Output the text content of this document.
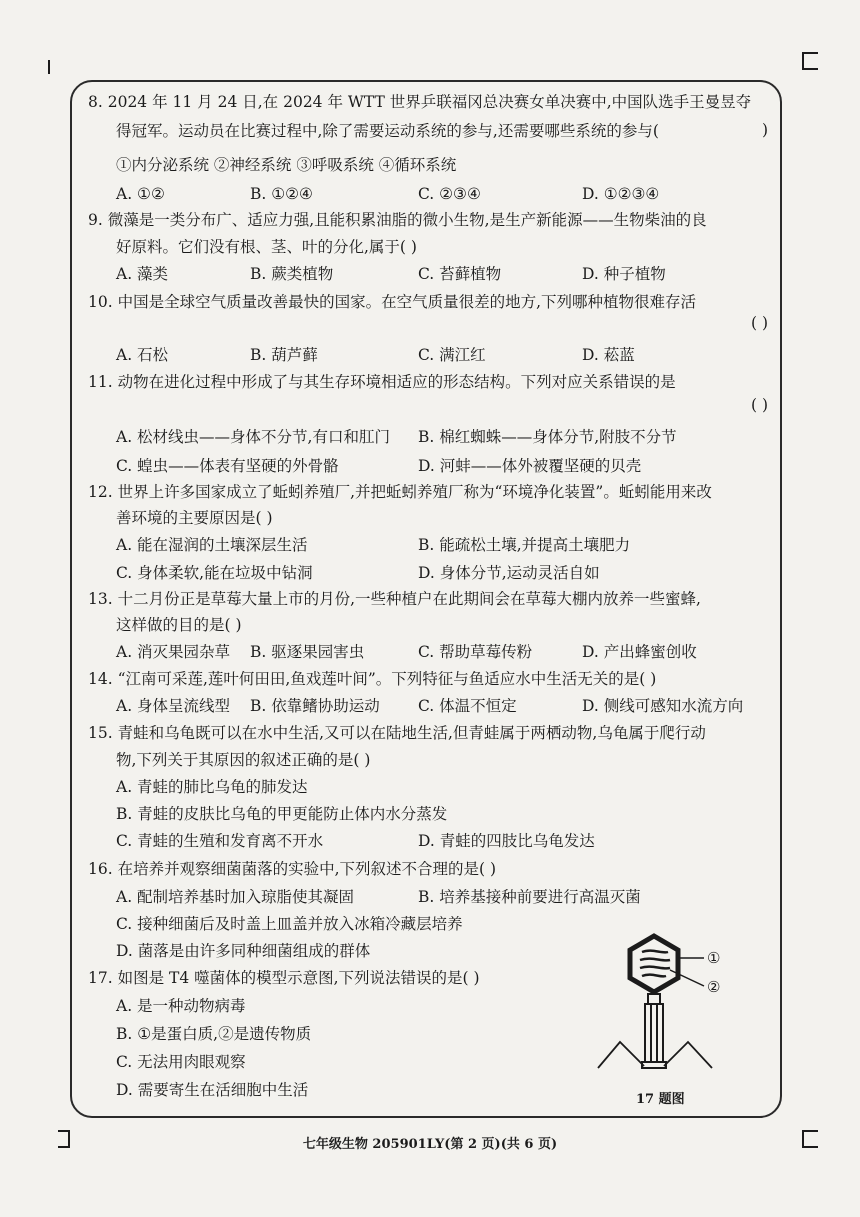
8. 2024 年 11 月 24 日,在 2024 年 WTT 世界乒联福冈总决赛女单决赛中,中国队选手王曼昱夺
得冠军。运动员在比赛过程中,除了需要运动系统的参与,还需要哪些系统的参与(	)
①内分泌系统 ②神经系统 ③呼吸系统 ④循环系统
A. ①②	B. ①②④	C. ②③④	D. ①②③④
9. 微藻是一类分布广、适应力强,且能积累油脂的微小生物,是生产新能源——生物柴油的良
好原料。它们没有根、茎、叶的分化,属于( )
A. 藻类	B. 蕨类植物	C. 苔藓植物	D. 种子植物
10. 中国是全球空气质量改善最快的国家。在空气质量很差的地方,下列哪种植物很难存活
( )
A. 石松	B. 葫芦藓	C. 满江红	D. 菘蓝
11. 动物在进化过程中形成了与其生存环境相适应的形态结构。下列对应关系错误的是
( )
A. 松材线虫——身体不分节,有口和肛门 B. 棉红蜘蛛——身体分节,附肢不分节
C. 蝗虫——体表有坚硬的外骨骼	D. 河蚌——体外被覆坚硬的贝壳
12. 世界上许多国家成立了蚯蚓养殖厂,并把蚯蚓养殖厂称为“环境净化装置”。蚯蚓能用来改
善环境的主要原因是( )
A. 能在湿润的土壤深层生活	B. 能疏松土壤,并提高土壤肥力
C. 身体柔软,能在垃圾中钻洞	D. 身体分节,运动灵活自如
13. 十二月份正是草莓大量上市的月份,一些种植户在此期间会在草莓大棚内放养一些蜜蜂,
这样做的目的是( )
A. 消灭果园杂草 B. 驱逐果园害虫	C. 帮助草莓传粉	D. 产出蜂蜜创收
14. “江南可采莲,莲叶何田田,鱼戏莲叶间”。下列特征与鱼适应水中生活无关的是( )
A. 身体呈流线型 B. 依靠鳍协助运动 C. 体温不恒定	D. 侧线可感知水流方向
15. 青蛙和乌龟既可以在水中生活,又可以在陆地生活,但青蛙属于两栖动物,乌龟属于爬行动
物,下列关于其原因的叙述正确的是( )
A. 青蛙的肺比乌龟的肺发达
B. 青蛙的皮肤比乌龟的甲更能防止体内水分蒸发
C. 青蛙的生殖和发育离不开水	D. 青蛙的四肢比乌龟发达
16. 在培养并观察细菌菌落的实验中,下列叙述不合理的是( )
A. 配制培养基时加入琼脂使其凝固	B. 培养基接种前要进行高温灭菌
C. 接种细菌后及时盖上皿盖并放入冰箱冷藏层培养
D. 菌落是由许多同种细菌组成的群体
17. 如图是 T4 噬菌体的模型示意图,下列说法错误的是( )
A. 是一种动物病毒
B. ①是蛋白质,②是遗传物质
C. 无法用肉眼观察
D. 需要寄生在活细胞中生活
①
②
17 题图
七年级生物 205901LY(第 2 页)(共 6 页)
